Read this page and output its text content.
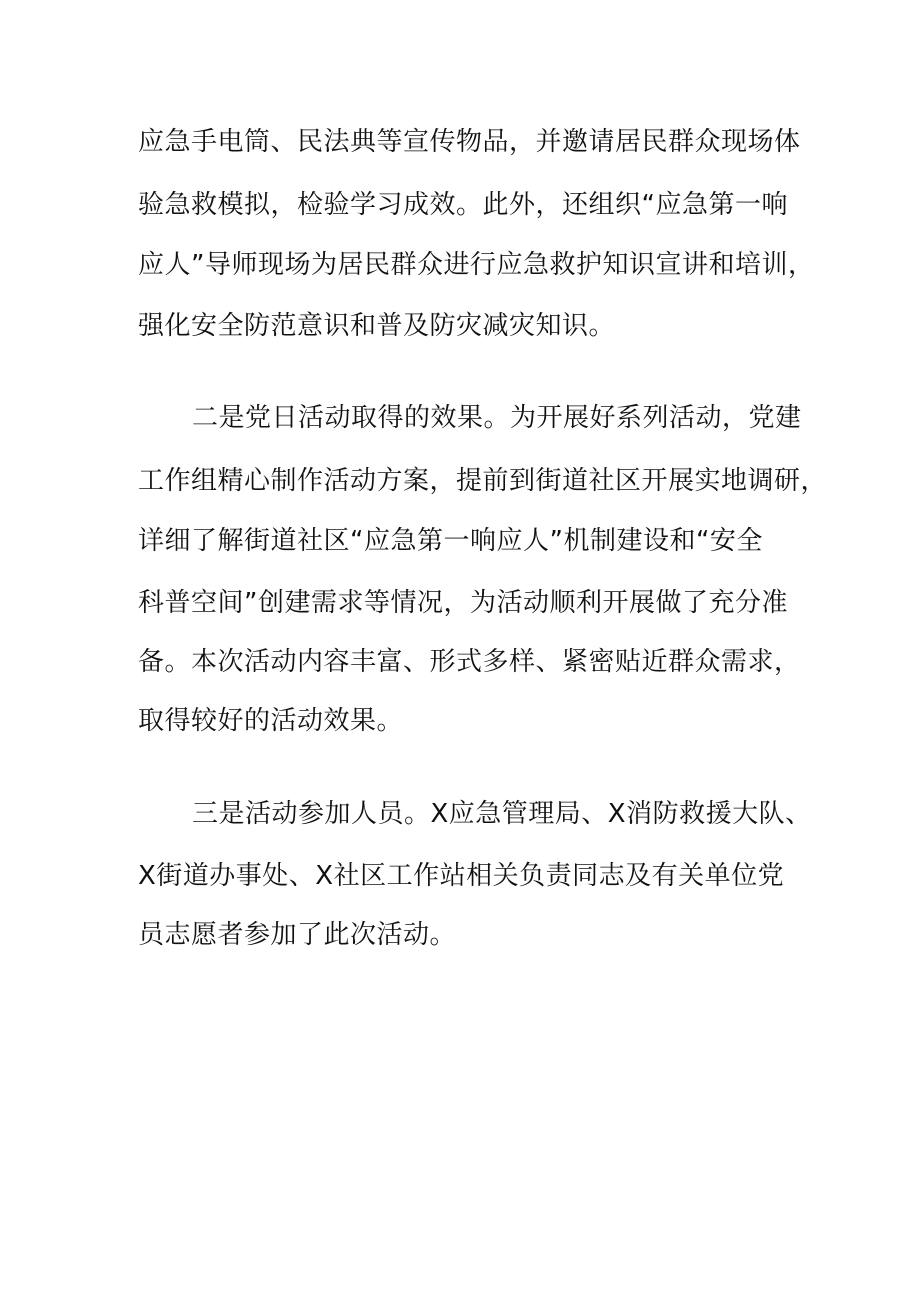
应急手电筒、民法典等宣传物品，并邀请居民群众现场体
验急救模拟，检验学习成效。此外，还组织“应急第一响
应人”导师现场为居民群众进行应急救护知识宣讲和培训，
强化安全防范意识和普及防灾减灾知识。
二是党日活动取得的效果。为开展好系列活动，党建
工作组精心制作活动方案，提前到街道社区开展实地调研，
详细了解街道社区“应急第一响应人”机制建设和“安全
科普空间”创建需求等情况，为活动顺利开展做了充分准
备。本次活动内容丰富、形式多样、紧密贴近群众需求，
取得较好的活动效果。
三是活动参加人员。X应急管理局、X消防救援大队、
X街道办事处、X社区工作站相关负责同志及有关单位党
员志愿者参加了此次活动。
